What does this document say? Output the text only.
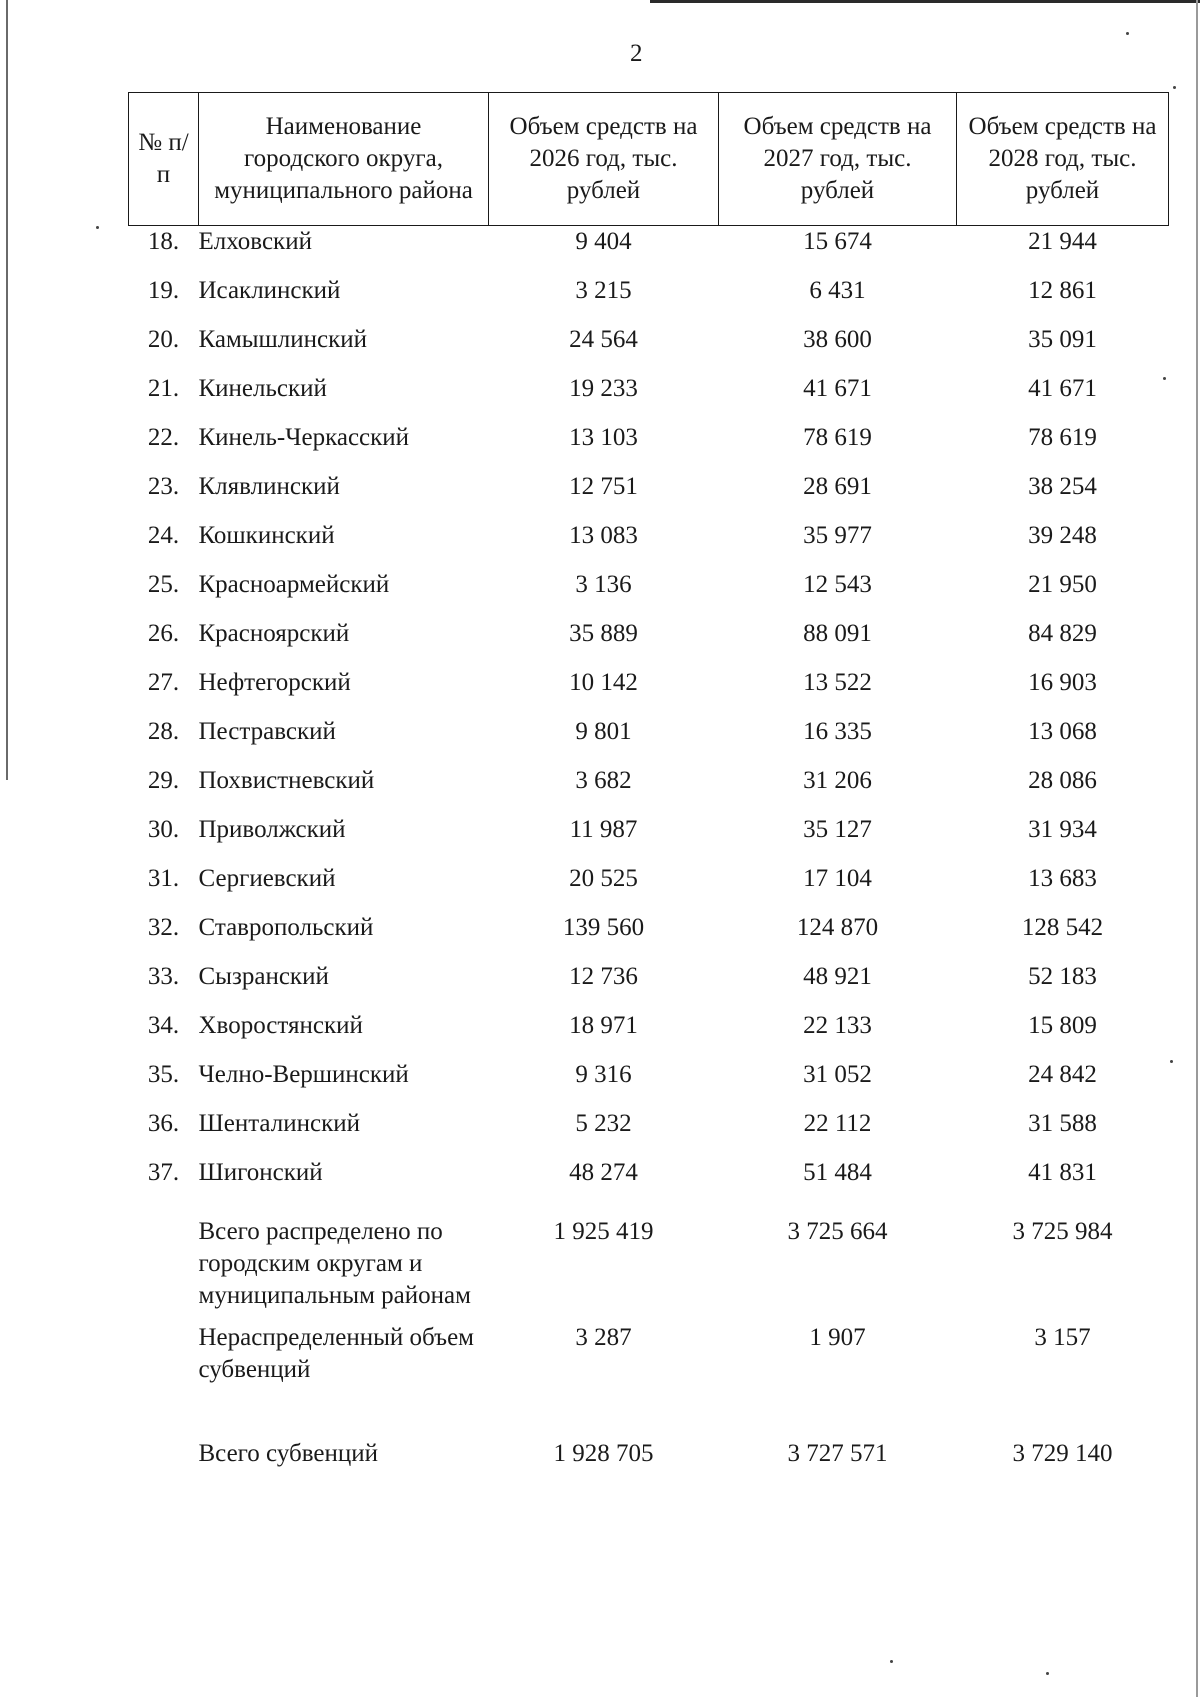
2
№ п/п	Наименование городского округа, муниципального района	Объем средств на 2026 год, тыс. рублей	Объем средств на 2027 год, тыс. рублей	Объем средств на 2028 год, тыс. рублей
18.	Елховский	9 404	15 674	21 944
19.	Исаклинский	3 215	6 431	12 861
20.	Камышлинский	24 564	38 600	35 091
21.	Кинельский	19 233	41 671	41 671
22.	Кинель-Черкасский	13 103	78 619	78 619
23.	Клявлинский	12 751	28 691	38 254
24.	Кошкинский	13 083	35 977	39 248
25.	Красноармейский	3 136	12 543	21 950
26.	Красноярский	35 889	88 091	84 829
27.	Нефтегорский	10 142	13 522	16 903
28.	Пестравский	9 801	16 335	13 068
29.	Похвистневский	3 682	31 206	28 086
30.	Приволжский	11 987	35 127	31 934
31.	Сергиевский	20 525	17 104	13 683
32.	Ставропольский	139 560	124 870	128 542
33.	Сызранский	12 736	48 921	52 183
34.	Хворостянский	18 971	22 133	15 809
35.	Челно-Вершинский	9 316	31 052	24 842
36.	Шенталинский	5 232	22 112	31 588
37.	Шигонский	48 274	51 484	41 831
	Всего распределено по городским округам и муниципальным районам	1 925 419	3 725 664	3 725 984
	Нераспределенный объем субвенций	3 287	1 907	3 157

	Всего субвенций	1 928 705	3 727 571	3 729 140
